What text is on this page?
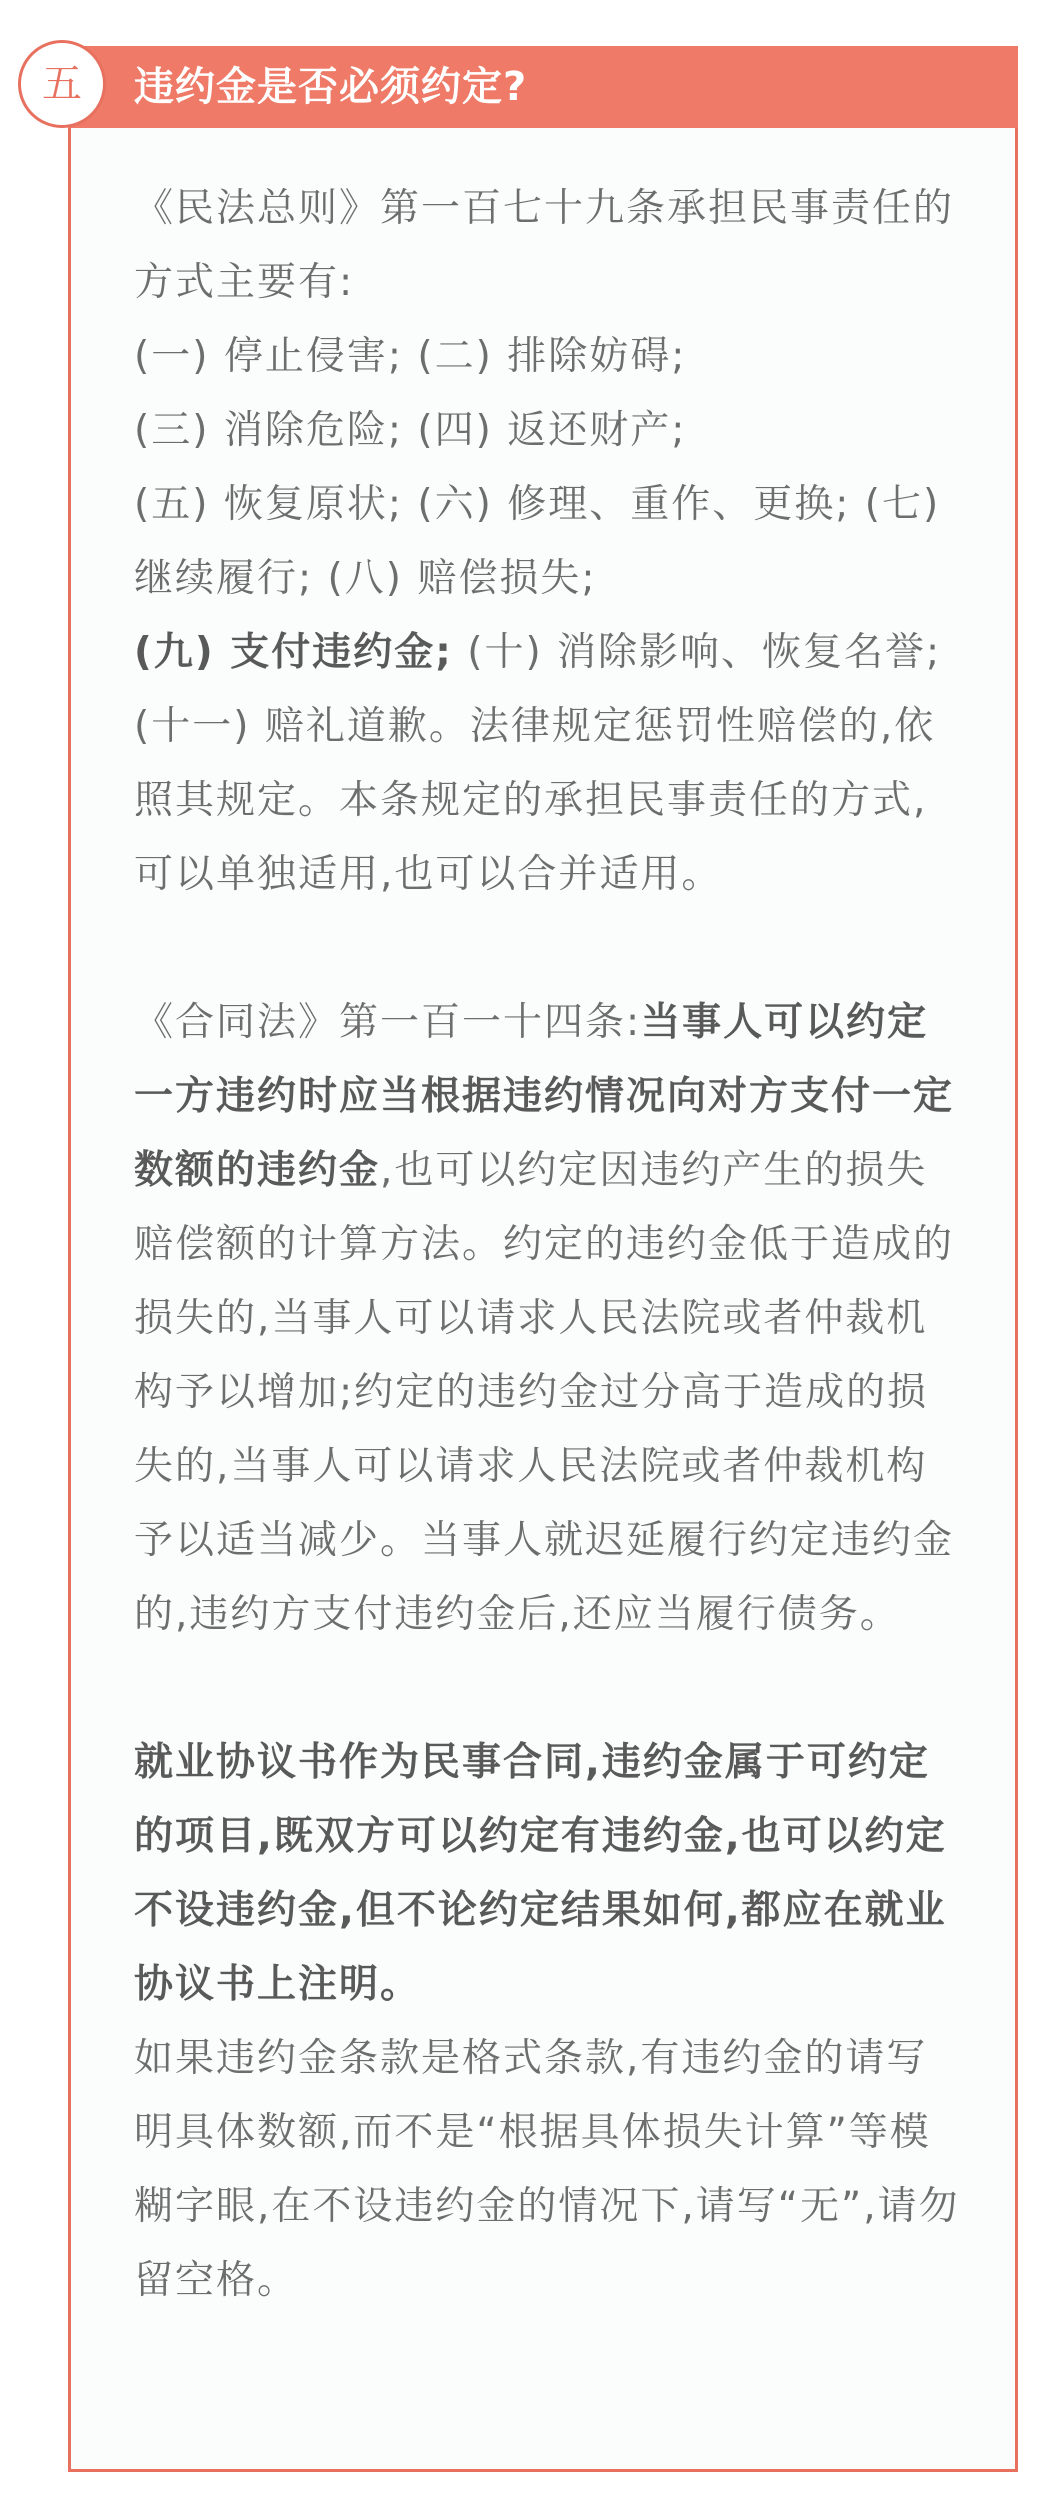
五	违约金是否必须约定?

《民法总则》第一百七十九条承担民事责任的方式主要有:
(一) 停止侵害; (二) 排除妨碍;
(三) 消除危险; (四) 返还财产;
(五) 恢复原状; (六) 修理、重作、更换; (七) 继续履行; (八) 赔偿损失;
(九) 支付违约金; (十) 消除影响、恢复名誉; (十一) 赔礼道歉。法律规定惩罚性赔偿的,依照其规定。本条规定的承担民事责任的方式,可以单独适用,也可以合并适用。

《合同法》第一百一十四条:当事人可以约定一方违约时应当根据违约情况向对方支付一定数额的违约金,也可以约定因违约产生的损失赔偿额的计算方法。约定的违约金低于造成的损失的,当事人可以请求人民法院或者仲裁机构予以增加;约定的违约金过分高于造成的损失的,当事人可以请求人民法院或者仲裁机构予以适当减少。当事人就迟延履行约定违约金的,违约方支付违约金后,还应当履行债务。

就业协议书作为民事合同,违约金属于可约定的项目,既双方可以约定有违约金,也可以约定不设违约金,但不论约定结果如何,都应在就业协议书上注明。
如果违约金条款是格式条款,有违约金的请写明具体数额,而不是“根据具体损失计算”等模糊字眼,在不设违约金的情况下,请写“无”,请勿留空格。
